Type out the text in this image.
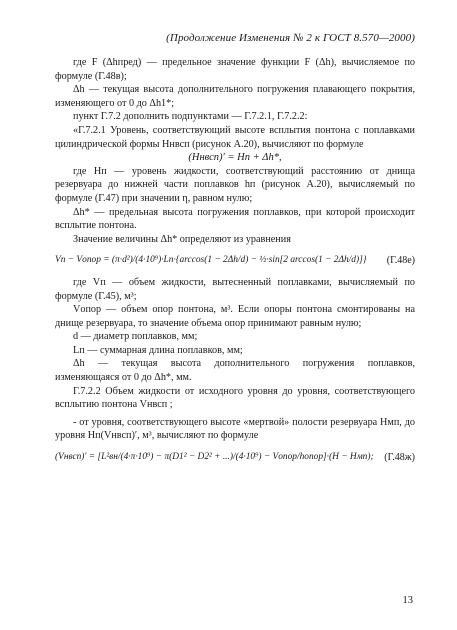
(Продолжение Изменения № 2 к ГОСТ 8.570—2000)

где F (Δhпред) — предельное значение функции F (Δh), вычисляемое по формуле (Г.48в);

Δh — текущая высота дополнительного погружения плавающего покрытия, изменяющего от 0 до Δh1*;

пункт Г.7.2 дополнить подпунктами — Г.7.2.1, Г.7.2.2:

«Г.7.2.1 Уровень, соответствующий высоте всплытия понтона с поплавками цилиндрической формы Hнвсп (рисунок А.20), вычисляют по формуле

(Hнвсп)′ = Hп + Δh*,

где Hп — уровень жидкости, соответствующий расстоянию от днища резервуара до нижней части поплавков hп (рисунок А.20), вычисляемый по формуле (Г.47) при значении η, равном нулю;

Δh* — предельная высота погружения поплавков, при которой происходит всплытие понтона.

Значение величины Δh* определяют из уравнения

Vп − Vопор = (π·d²)/(4·10⁹)·Lп·{arccos(1 − 2Δh/d) − ½·sin[2 arccos(1 − 2Δh/d)]}	(Г.48е)

где Vп — объем жидкости, вытесненный поплавками, вычисляемый по формуле (Г.45), м³;

Vопор — объем опор понтона, м³. Если опоры понтона смонтированы на днище резервуара, то значение объема опор принимают равным нулю;

d — диаметр поплавков, мм;

Lп — суммарная длина поплавков, мм;

Δh — текущая высота дополнительного погружения поплавков, изменяющаяся от 0 до Δh*, мм.

Г.7.2.2 Объем жидкости от исходного уровня до уровня, соответствующего всплытию понтона Vнвсп ;

- от уровня, соответствующего высоте «мертвой» полости резервуара Hмп, до уровня Hп(Vнвсп)′, м³, вычисляют по формуле

(Vнвсп)′ = [L²вн/(4·π·10⁹) − π(D1² − D2² + ...)/(4·10⁹) − Vопор/hопор]·(H − Hмп);	(Г.48ж)
13
